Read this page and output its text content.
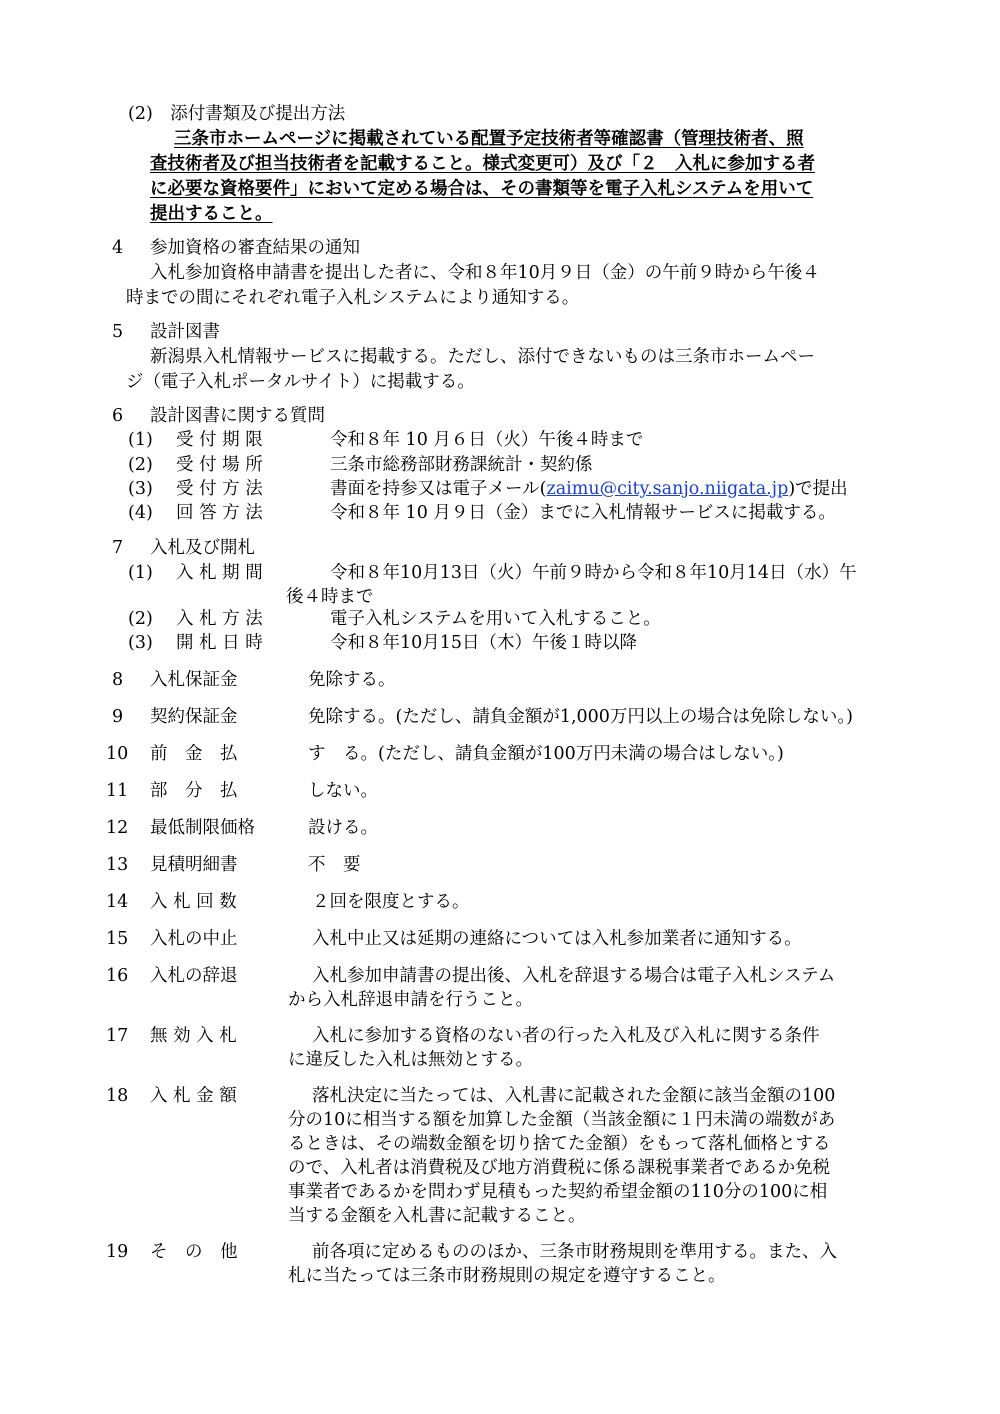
(2)　添付書類及び提出方法
三条市ホームページに掲載されている配置予定技術者等確認書（管理技術者、照
査技術者及び担当技術者を記載すること。様式変更可）及び「２　入札に参加する者
に必要な資格要件」において定める場合は、その書類等を電子入札システムを用いて
提出すること。
4 参加資格の審査結果の通知
入札参加資格申請書を提出した者に、令和８年10月９日（金）の午前９時から午後４
時までの間にそれぞれ電子入札システムにより通知する。
5 設計図書
新潟県入札情報サービスに掲載する。ただし、添付できないものは三条市ホームペー
ジ（電子入札ポータルサイト）に掲載する。
6 設計図書に関する質問
(1) 受 付 期 限	令和８年 10 月６日（火）午後４時まで
(2) 受 付 場 所	三条市総務部財務課統計・契約係
(3) 受 付 方 法	書面を持参又は電子メール(zaimu@city.sanjo.niigata.jp)で提出
(4) 回 答 方 法	令和８年 10 月９日（金）までに入札情報サービスに掲載する。
7 入札及び開札
(1) 入 札 期 間	令和８年10月13日（火）午前９時から令和８年10月14日（水）午
後４時まで
(2) 入 札 方 法	電子入札システムを用いて入札すること。
(3) 開 札 日 時	令和８年10月15日（木）午後１時以降
8 入札保証金	免除する。
9 契約保証金	免除する。(ただし、請負金額が1,000万円以上の場合は免除しない。)
10 前　金　払	す　る。(ただし、請負金額が100万円未満の場合はしない。)
11 部　分　払	しない。
12 最低制限価格	設ける。
13 見積明細書	不　要
14 入 札 回 数	２回を限度とする。
15 入札の中止	入札中止又は延期の連絡については入札参加業者に通知する。
16 入札の辞退	入札参加申請書の提出後、入札を辞退する場合は電子入札システム
から入札辞退申請を行うこと。
17 無 効 入 札	入札に参加する資格のない者の行った入札及び入札に関する条件
に違反した入札は無効とする。
18 入 札 金 額	落札決定に当たっては、入札書に記載された金額に該当金額の100
分の10に相当する額を加算した金額（当該金額に１円未満の端数があ
るときは、その端数金額を切り捨てた金額）をもって落札価格とする
ので、入札者は消費税及び地方消費税に係る課税事業者であるか免税
事業者であるかを問わず見積もった契約希望金額の110分の100に相
当する金額を入札書に記載すること。
19 そ　の　他	前各項に定めるもののほか、三条市財務規則を準用する。また、入
札に当たっては三条市財務規則の規定を遵守すること。
